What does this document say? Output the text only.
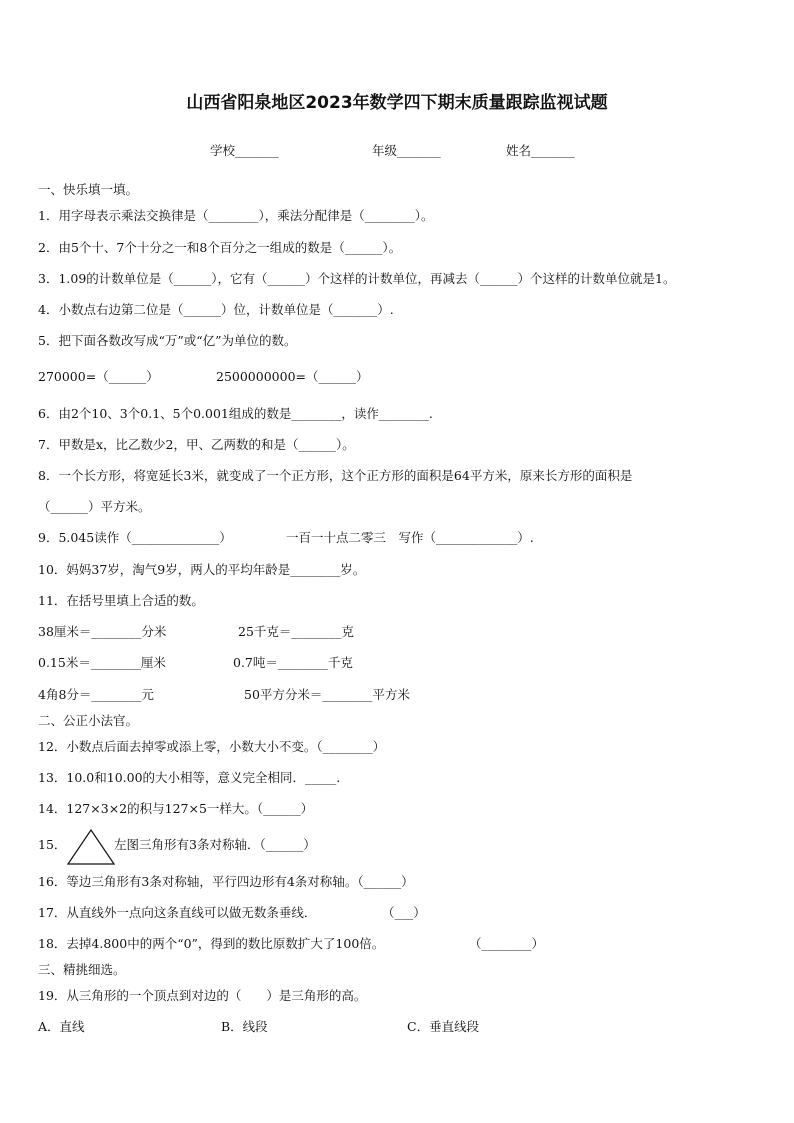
山西省阳泉地区2023年数学四下期末质量跟踪监视试题
学校_______	年级_______	姓名_______
一、快乐填一填。
1．用字母表示乘法交换律是（________），乘法分配律是（________）。
2．由5个十、7个十分之一和8个百分之一组成的数是（______）。
3．1.09的计数单位是（______），它有（______）个这样的计数单位，再减去（______）个这样的计数单位就是1。
4．小数点右边第二位是（______）位，计数单位是（_______）.
5．把下面各数改写成“万”或“亿”为单位的数。
270000=（______）	2500000000=（______）
6．由2个10、3个0.1、5个0.001组成的数是________，读作________.
7．甲数是x，比乙数少2，甲、乙两数的和是（______）。
8．一个长方形，将宽延长3米，就变成了一个正方形，这个正方形的面积是64平方米，原来长方形的面积是
（______）平方米。
9．5.045读作（______________）	一百一十点二零三　写作（_____________）.
10．妈妈37岁，淘气9岁，两人的平均年龄是________岁。
11．在括号里填上合适的数。
38厘米＝________分米	25千克＝________克
0.15米＝________厘米	0.7吨＝________千克
4角8分＝________元	50平方分米＝________平方米
二、公正小法官。
12．小数点后面去掉零或添上零，小数大小不变。（________）
13．10.0和10.00的大小相等，意义完全相同．_____.
14．127×3×2的积与127×5一样大。（______）
15．	左图三角形有3条对称轴．（______）
16．等边三角形有3条对称轴，平行四边形有4条对称轴。（______）
17．从直线外一点向这条直线可以做无数条垂线．	（___）
18．去掉4.800中的两个“0”，得到的数比原数扩大了100倍。	（________）
三、精挑细选。
19．从三角形的一个顶点到对边的（　　）是三角形的高。
A．直线	B．线段	C．垂直线段
